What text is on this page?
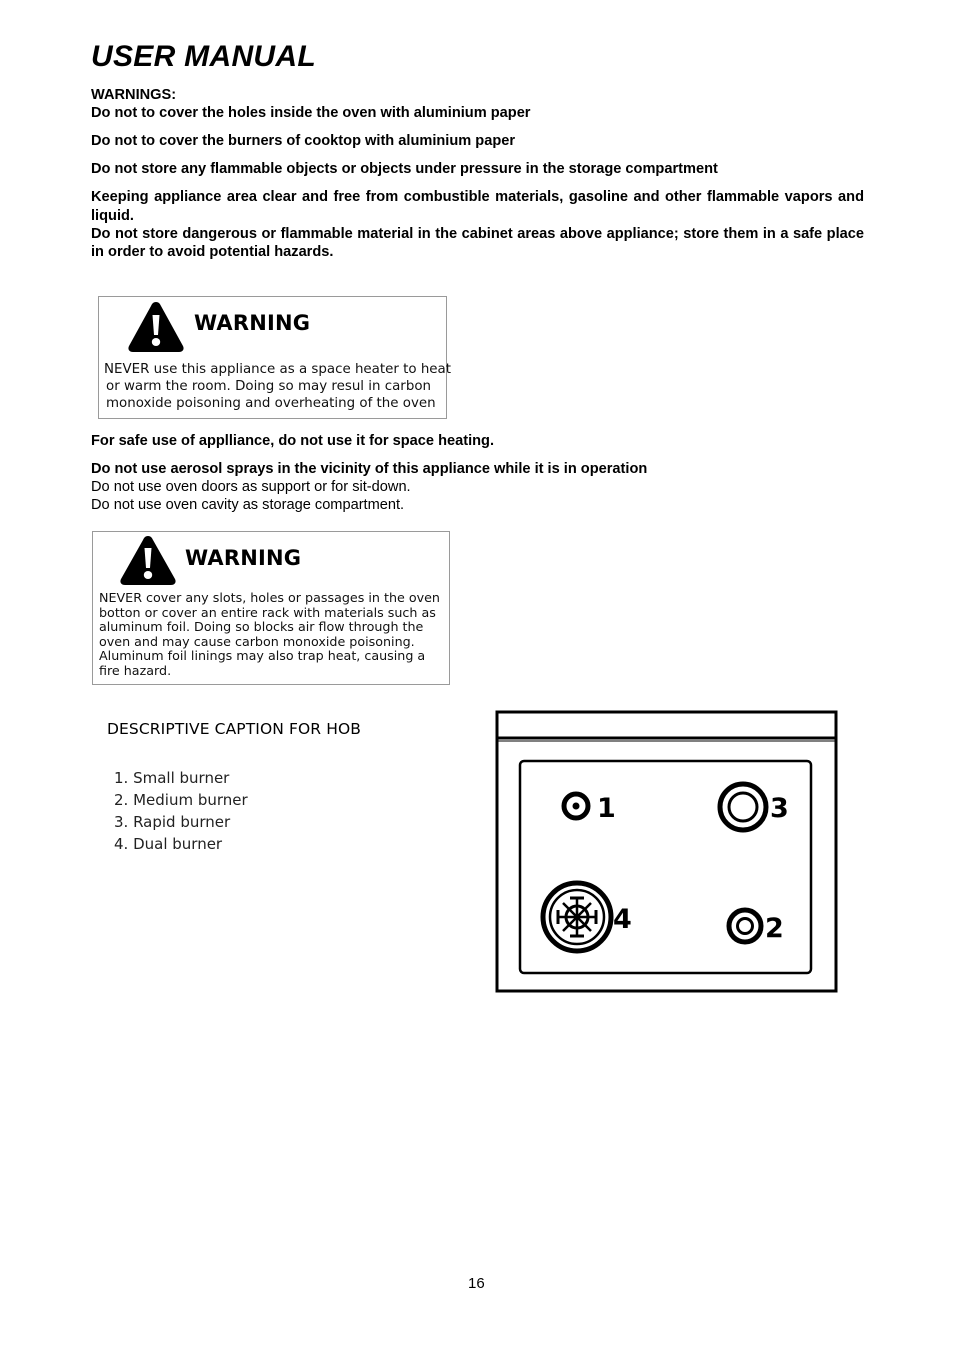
USER MANUAL

WARNINGS:

Do not to cover the holes inside the oven with aluminium paper

Do not to cover the burners of cooktop with aluminium paper

Do not store any flammable objects or objects under pressure in the storage compartment

Keeping appliance area clear and free from combustible materials, gasoline and other flammable vapors and liquid.

Do not store dangerous or flammable material in the cabinet areas above appliance; store them in a safe place in order to avoid potential hazards.

WARNING
NEVER use this appliance as a space heater to heat
or warm the room. Doing so may resul in carbon
monoxide poisoning and overheating of the oven
For safe use of applliance, do not use it for space heating.
Do not use aerosol sprays in the vicinity of this appliance while it is in operation
Do not use oven doors as support or for sit-down.
Do not use oven cavity as storage compartment.
WARNING
NEVER cover any slots, holes or passages in the oven
botton or cover an entire rack with materials such as
aluminum foil. Doing so blocks air flow through the
oven and may cause carbon monoxide poisoning.
Aluminum foil linings may also trap heat, causing a
fire hazard.
DESCRIPTIVE CAPTION FOR HOB
1. Small burner
2. Medium burner
3. Rapid burner
4. Dual burner
1	3
4	2
16
